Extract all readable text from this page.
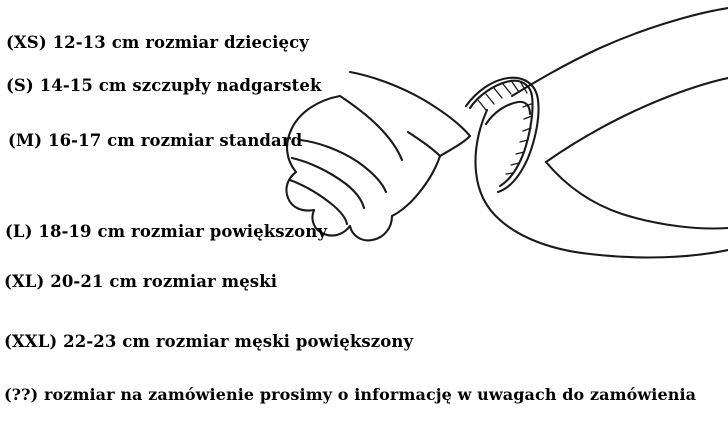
(XS) 12-13 cm rozmiar dziecięcy
(S) 14-15 cm szczupły nadgarstek
(M) 16-17 cm rozmiar standard
(L) 18-19 cm rozmiar powiększony
(XL) 20-21 cm rozmiar męski
(XXL) 22-23 cm rozmiar męski powiększony
(??) rozmiar na zamówienie prosimy o informację w uwagach do zamówienia
